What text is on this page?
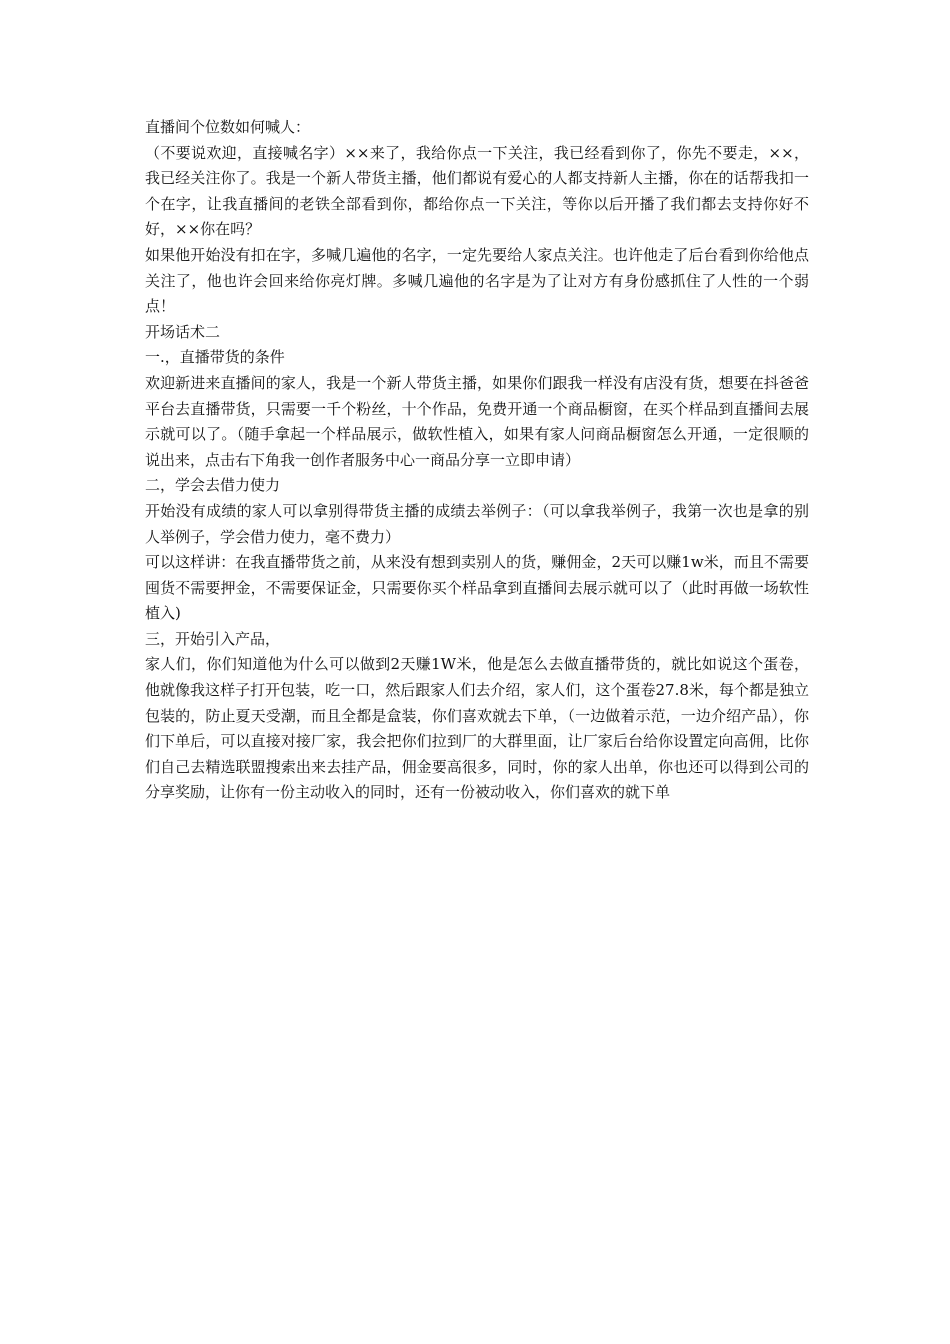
直播间个位数如何喊人：

（不要说欢迎，直接喊名字）××来了，我给你点一下关注，我已经看到你了，你先不要走，××，我已经关注你了。我是一个新人带货主播，他们都说有爱心的人都支持新人主播，你在的话帮我扣一个在字，让我直播间的老铁全部看到你，都给你点一下关注，等你以后开播了我们都去支持你好不好，××你在吗？

如果他开始没有扣在字，多喊几遍他的名字，一定先要给人家点关注。也许他走了后台看到你给他点关注了，他也许会回来给你亮灯牌。多喊几遍他的名字是为了让对方有身份感抓住了人性的一个弱点！

开场话术二

一.，直播带货的条件

欢迎新进来直播间的家人，我是一个新人带货主播，如果你们跟我一样没有店没有货，想要在抖爸爸平台去直播带货，只需要一千个粉丝，十个作品，免费开通一个商品橱窗，在买个样品到直播间去展示就可以了。（随手拿起一个样品展示，做软性植入，如果有家人问商品橱窗怎么开通，一定很顺的说出来，点击右下角我一创作者服务中心一商品分享一立即申请）

二，学会去借力使力

开始没有成绩的家人可以拿别得带货主播的成绩去举例子：（可以拿我举例子，我第一次也是拿的别人举例子，学会借力使力，毫不费力）

可以这样讲：在我直播带货之前，从来没有想到卖别人的货，赚佣金，2天可以赚1w米，而且不需要囤货不需要押金，不需要保证金，只需要你买个样品拿到直播间去展示就可以了（此时再做一场软性植入)

三，开始引入产品，

家人们，你们知道他为什么可以做到2天赚1W米，他是怎么去做直播带货的，就比如说这个蛋卷，他就像我这样子打开包装，吃一口，然后跟家人们去介绍，家人们，这个蛋卷27.8米，每个都是独立包装的，防止夏天受潮，而且全都是盒装，你们喜欢就去下单，（一边做着示范，一边介绍产品），你们下单后，可以直接对接厂家，我会把你们拉到厂的大群里面，让厂家后台给你设置定向高佣，比你们自己去精选联盟搜索出来去挂产品，佣金要高很多，同时，你的家人出单，你也还可以得到公司的分享奖励，让你有一份主动收入的同时，还有一份被动收入，你们喜欢的就下单
